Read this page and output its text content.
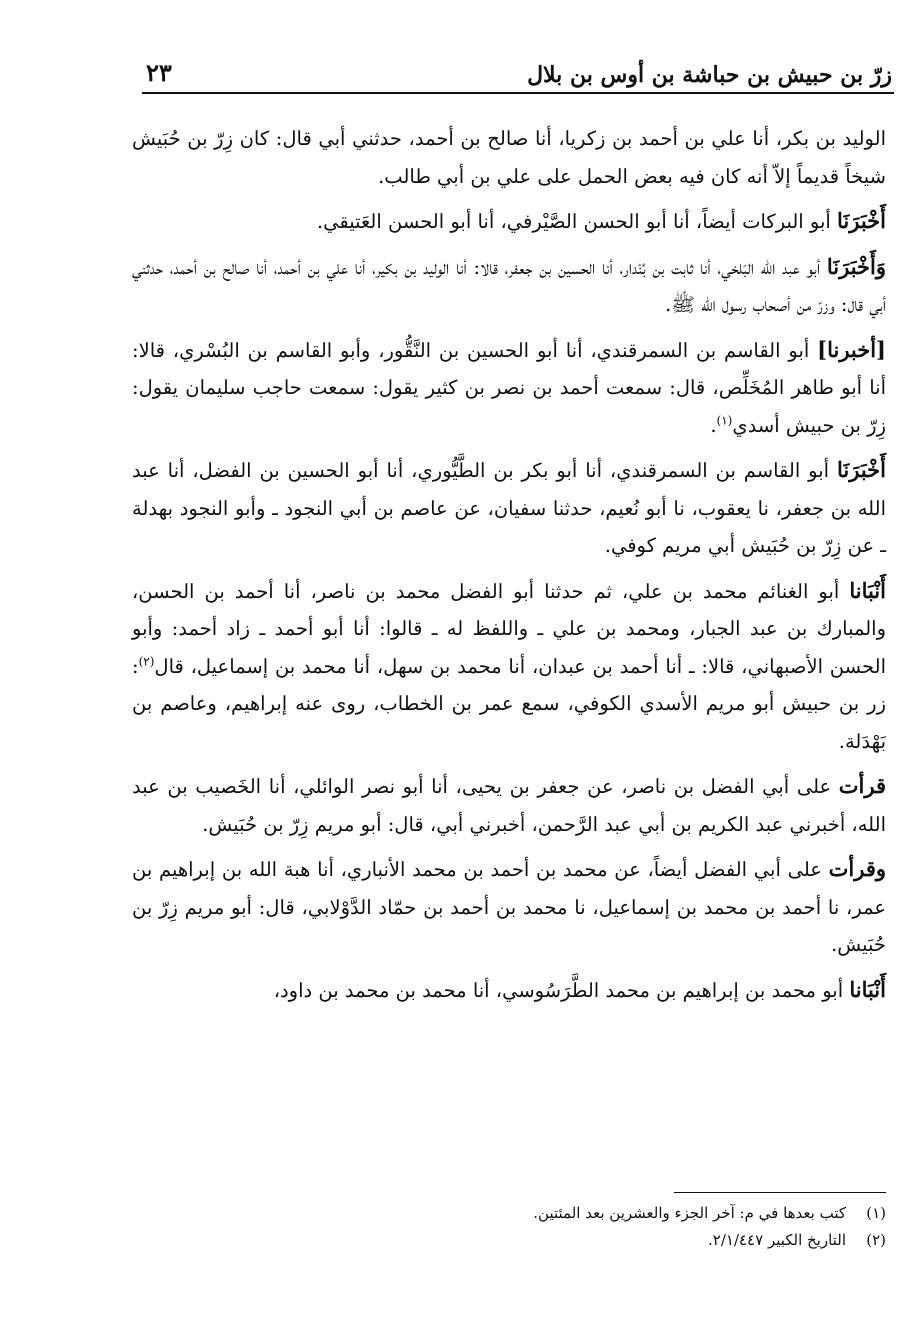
زرّ بن حبيش بن حباشة بن أوس بن بلال
٢٣

الوليد بن بكر، أنا علي بن أحمد بن زكريا، أنا صالح بن أحمد، حدثني أبي قال: كان زِرّ بن حُبَيش شيخاً قديماً إلاّ أنه كان فيه بعض الحمل على علي بن أبي طالب.

أَخْبَرَنَا أبو البركات أيضاً، أنا أبو الحسن الصَّيْرفي، أنا أبو الحسن العَتيقي.

وَأَخْبَرَنَا أبو عبد الله البَلخي، أنا ثابت بن بُنْدار، أنا الحسين بن جعفر، قالا: أنا الوليد بن بكير، أنا علي بن أحمد، أنا صالح بن أحمد، حدثني أبي قال: وزرّ من أصحاب رسول الله ﷺ.

[أخبرنا] أبو القاسم بن السمرقندي، أنا أبو الحسين بن النَّقُّور، وأبو القاسم بن البُسْري، قالا: أنا أبو طاهر المُخَلِّص، قال: سمعت أحمد بن نصر بن كثير يقول: سمعت حاجب سليمان يقول: زِرّ بن حبيش أسدي$^{(١)}$.

أَخْبَرَنَا أبو القاسم بن السمرقندي، أنا أبو بكر بن الطَّيُّوري، أنا أبو الحسين بن الفضل، أنا عبد الله بن جعفر، نا يعقوب، نا أبو نُعيم، حدثنا سفيان، عن عاصم بن أبي النجود ـ وأبو النجود بهدلة ـ عن زِرّ بن حُبَيش أبي مريم كوفي.

أَنْبَانا أبو الغنائم محمد بن علي، ثم حدثنا أبو الفضل محمد بن ناصر، أنا أحمد بن الحسن، والمبارك بن عبد الجبار، ومحمد بن علي ـ واللفظ له ـ قالوا: أنا أبو أحمد ـ زاد أحمد: وأبو الحسن الأصبهاني، قالا: ـ أنا أحمد بن عبدان، أنا محمد بن سهل، أنا محمد بن إسماعيل، قال$^{(٢)}$: زر بن حبيش أبو مريم الأسدي الكوفي، سمع عمر بن الخطاب، روى عنه إبراهيم، وعاصم بن بَهْدَلة.

قرأت على أبي الفضل بن ناصر، عن جعفر بن يحيى، أنا أبو نصر الوائلي، أنا الخَصيب بن عبد الله، أخبرني عبد الكريم بن أبي عبد الرَّحمن، أخبرني أبي، قال: أبو مريم زِرّ بن حُبَيش.

وقرأت على أبي الفضل أيضاً، عن محمد بن أحمد بن محمد الأنباري، أنا هبة الله بن إبراهيم بن عمر، نا أحمد بن محمد بن إسماعيل، نا محمد بن أحمد بن حمّاد الدَّوْلابي، قال: أبو مريم زِرّ بن حُبَيش.

أَنْبَانا أبو محمد بن إبراهيم بن محمد الطَّرَسُوسي، أنا محمد بن محمد بن داود،

(١)كتب بعدها في م: آخر الجزء والعشرين بعد المئتين.
(٢)التاريخ الكبير ٢/١/٤٤٧.
